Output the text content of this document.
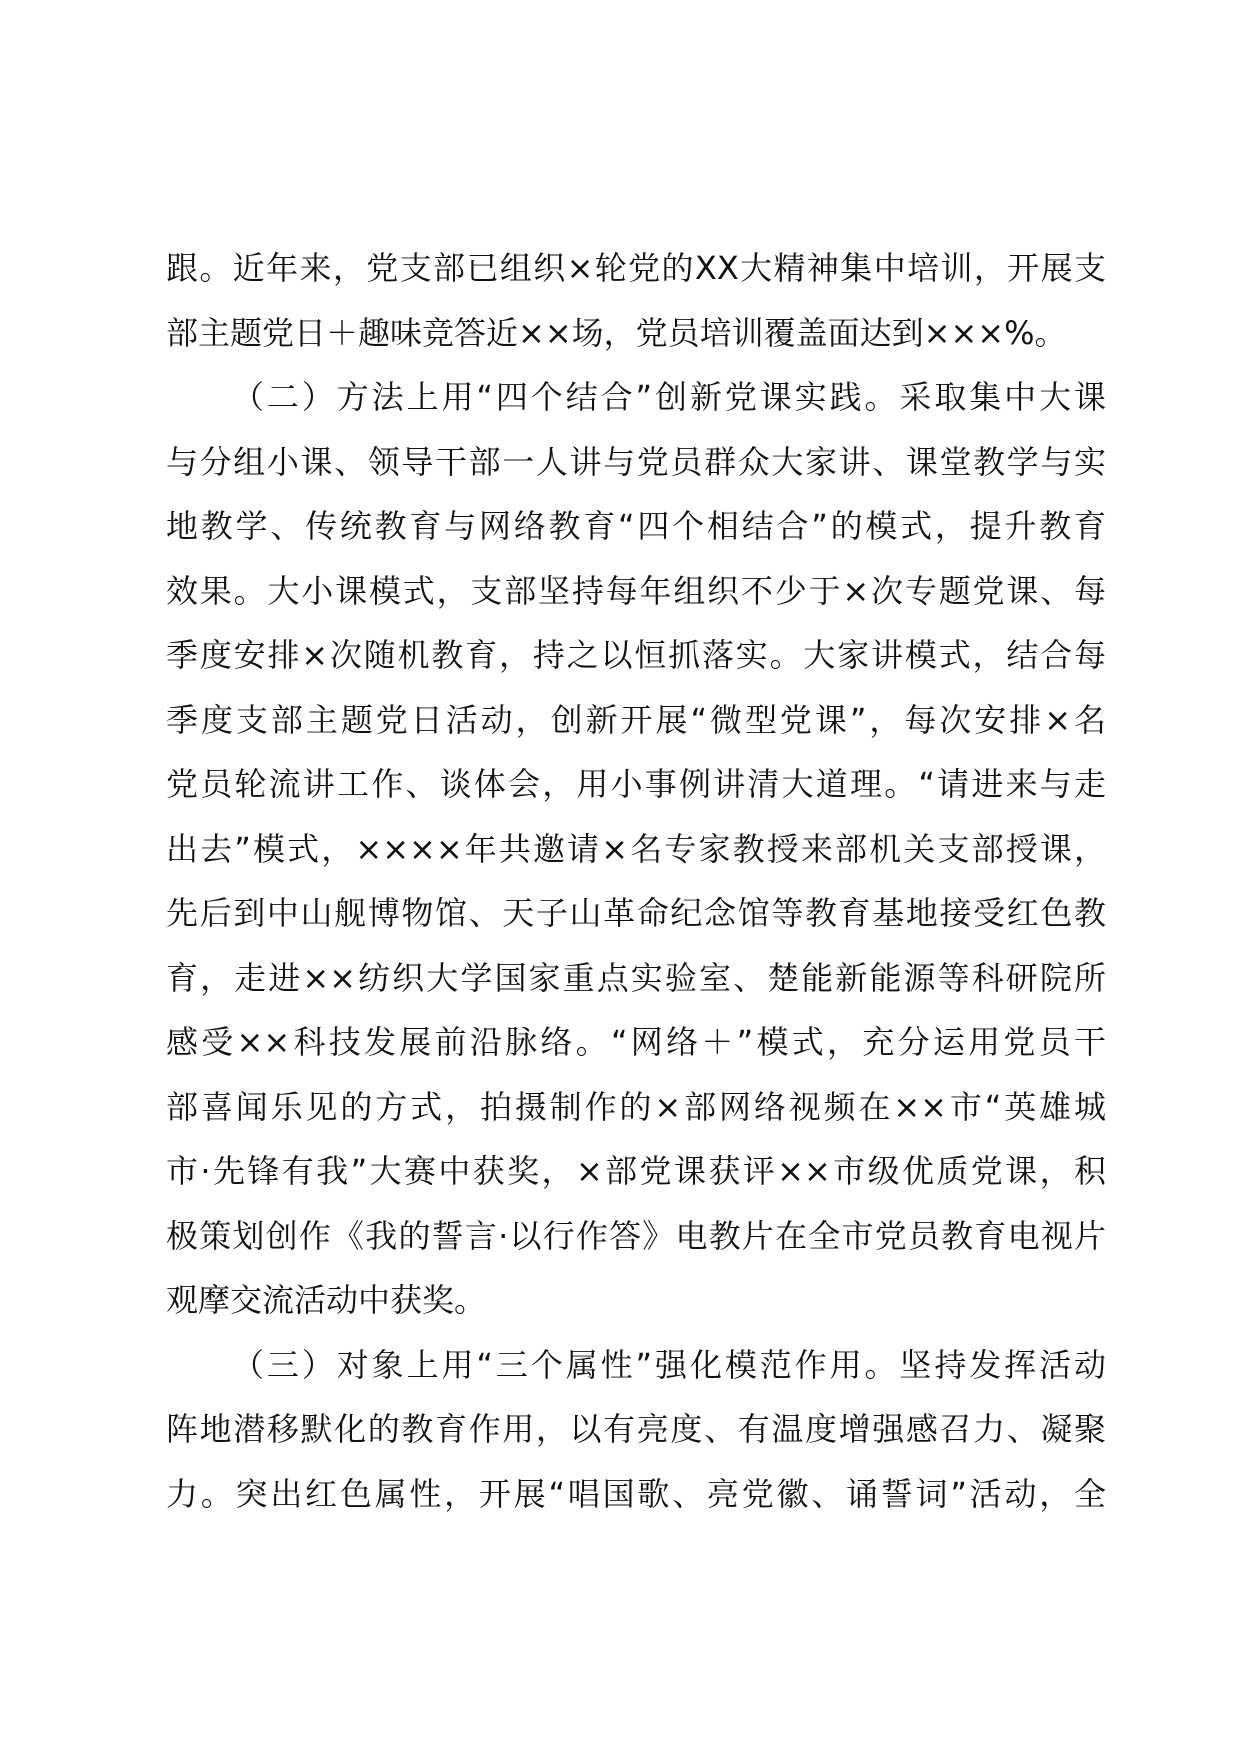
跟。近年来，党支部已组织×轮党的XX大精神集中培训，开展支
部主题党日＋趣味竞答近××场，党员培训覆盖面达到×××%。
（二）方法上用“四个结合”创新党课实践。采取集中大课
与分组小课、领导干部一人讲与党员群众大家讲、课堂教学与实
地教学、传统教育与网络教育“四个相结合”的模式，提升教育
效果。大小课模式，支部坚持每年组织不少于×次专题党课、每
季度安排×次随机教育，持之以恒抓落实。大家讲模式，结合每
季度支部主题党日活动，创新开展“微型党课”，每次安排×名
党员轮流讲工作、谈体会，用小事例讲清大道理。“请进来与走
出去”模式，××××年共邀请×名专家教授来部机关支部授课，
先后到中山舰博物馆、天子山革命纪念馆等教育基地接受红色教
育，走进××纺织大学国家重点实验室、楚能新能源等科研院所
感受××科技发展前沿脉络。“网络＋”模式，充分运用党员干
部喜闻乐见的方式，拍摄制作的×部网络视频在××市“英雄城
市·先锋有我”大赛中获奖，×部党课获评××市级优质党课，积
极策划创作《我的誓言·以行作答》电教片在全市党员教育电视片
观摩交流活动中获奖。
（三）对象上用“三个属性”强化模范作用。坚持发挥活动
阵地潜移默化的教育作用，以有亮度、有温度增强感召力、凝聚
力。突出红色属性，开展“唱国歌、亮党徽、诵誓词”活动，全
